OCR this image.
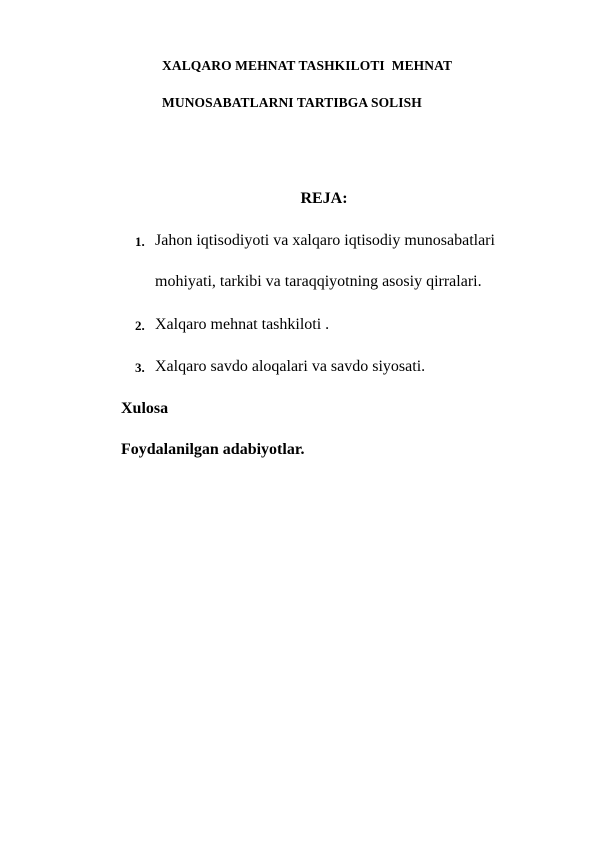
XALQARO MEHNAT TASHKILOTI  MEHNAT
MUNOSABATLARNI TARTIBGA SOLISH
REJA:
1. Jahon iqtisodiyoti va xalqaro iqtisodiy munosabatlari
mohiyati, tarkibi va taraqqiyotning asosiy qirralari.
2. Xalqaro mehnat tashkiloti .
3. Xalqaro savdo aloqalari va savdo siyosati.
Xulosa
Foydalanilgan adabiyotlar.
